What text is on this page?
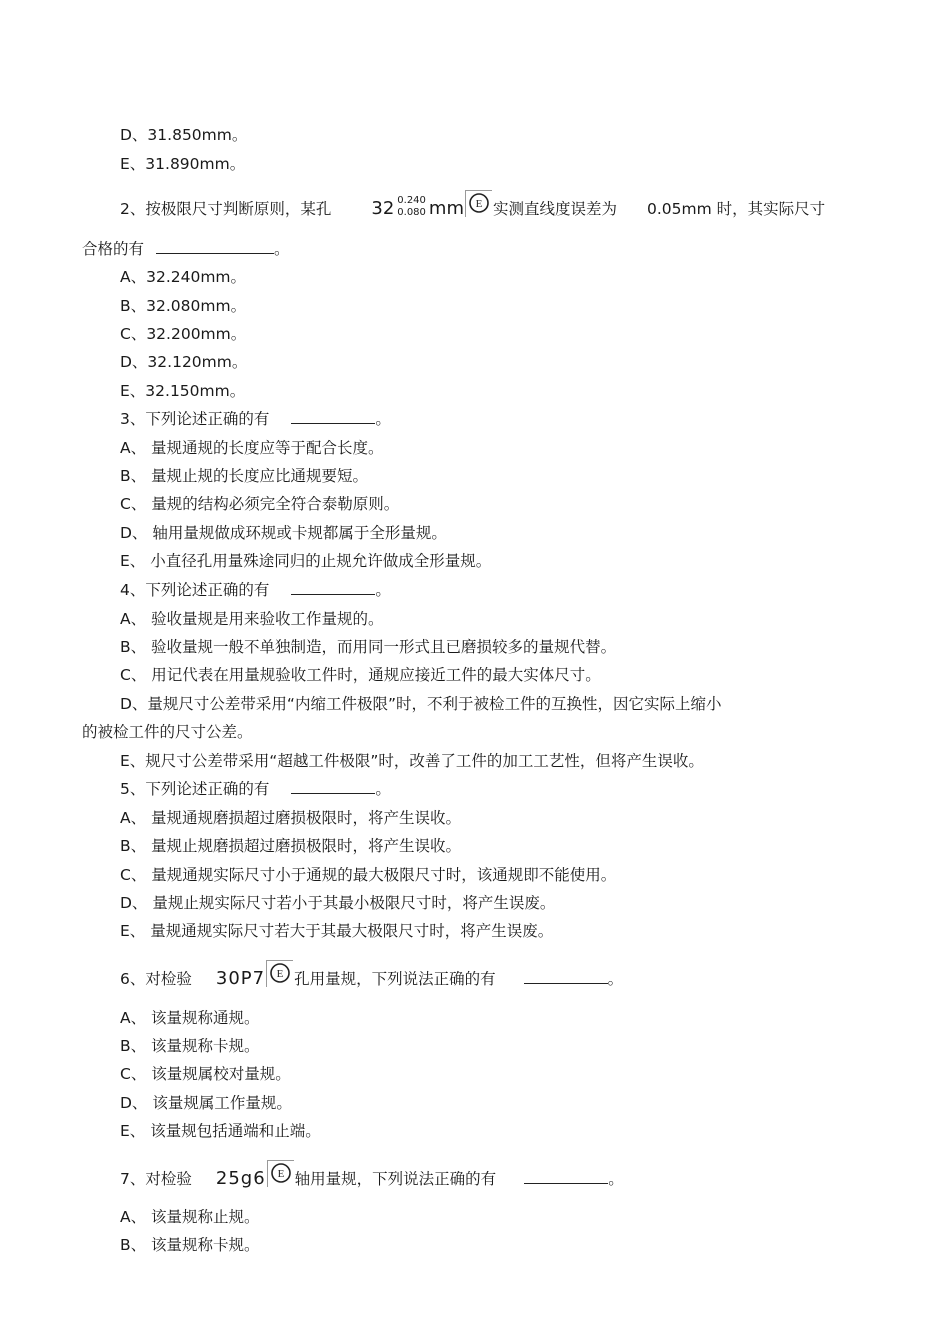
D、31.850mm。
E、31.890mm。
2、按极限尺寸判断原则，某孔 32 0.240
0.080 mm E 实测直线度误差为 0.05mm 时，其实际尺寸
合格的有	。
A、32.240mm。
B、32.080mm。
C、32.200mm。
D、32.120mm。
E、32.150mm。
3、下列论述正确的有	。
A、 量规通规的长度应等于配合长度。
B、 量规止规的长度应比通规要短。
C、 量规的结构必须完全符合泰勒原则。
D、 轴用量规做成环规或卡规都属于全形量规。
E、 小直径孔用量殊途同归的止规允许做成全形量规。
4、下列论述正确的有	。
A、 验收量规是用来验收工作量规的。
B、 验收量规一般不单独制造，而用同一形式且已磨损较多的量规代替。
C、 用记代表在用量规验收工件时，通规应接近工件的最大实体尺寸。
D、量规尺寸公差带采用“内缩工件极限”时，不利于被检工件的互换性，因它实际上缩小
的被检工件的尺寸公差。
E、规尺寸公差带采用“超越工件极限”时，改善了工件的加工工艺性，但将产生误收。
5、下列论述正确的有	。
A、 量规通规磨损超过磨损极限时，将产生误收。
B、 量规止规磨损超过磨损极限时，将产生误收。
C、 量规通规实际尺寸小于通规的最大极限尺寸时，该通规即不能使用。
D、 量规止规实际尺寸若小于其最小极限尺寸时，将产生误废。
E、 量规通规实际尺寸若大于其最大极限尺寸时，将产生误废。
6、对检验 30P7 E 孔用量规，下列说法正确的有	。
A、 该量规称通规。
B、 该量规称卡规。
C、 该量规属校对量规。
D、 该量规属工作量规。
E、 该量规包括通端和止端。
7、对检验 25g6 E 轴用量规，下列说法正确的有	。
A、 该量规称止规。
B、 该量规称卡规。
